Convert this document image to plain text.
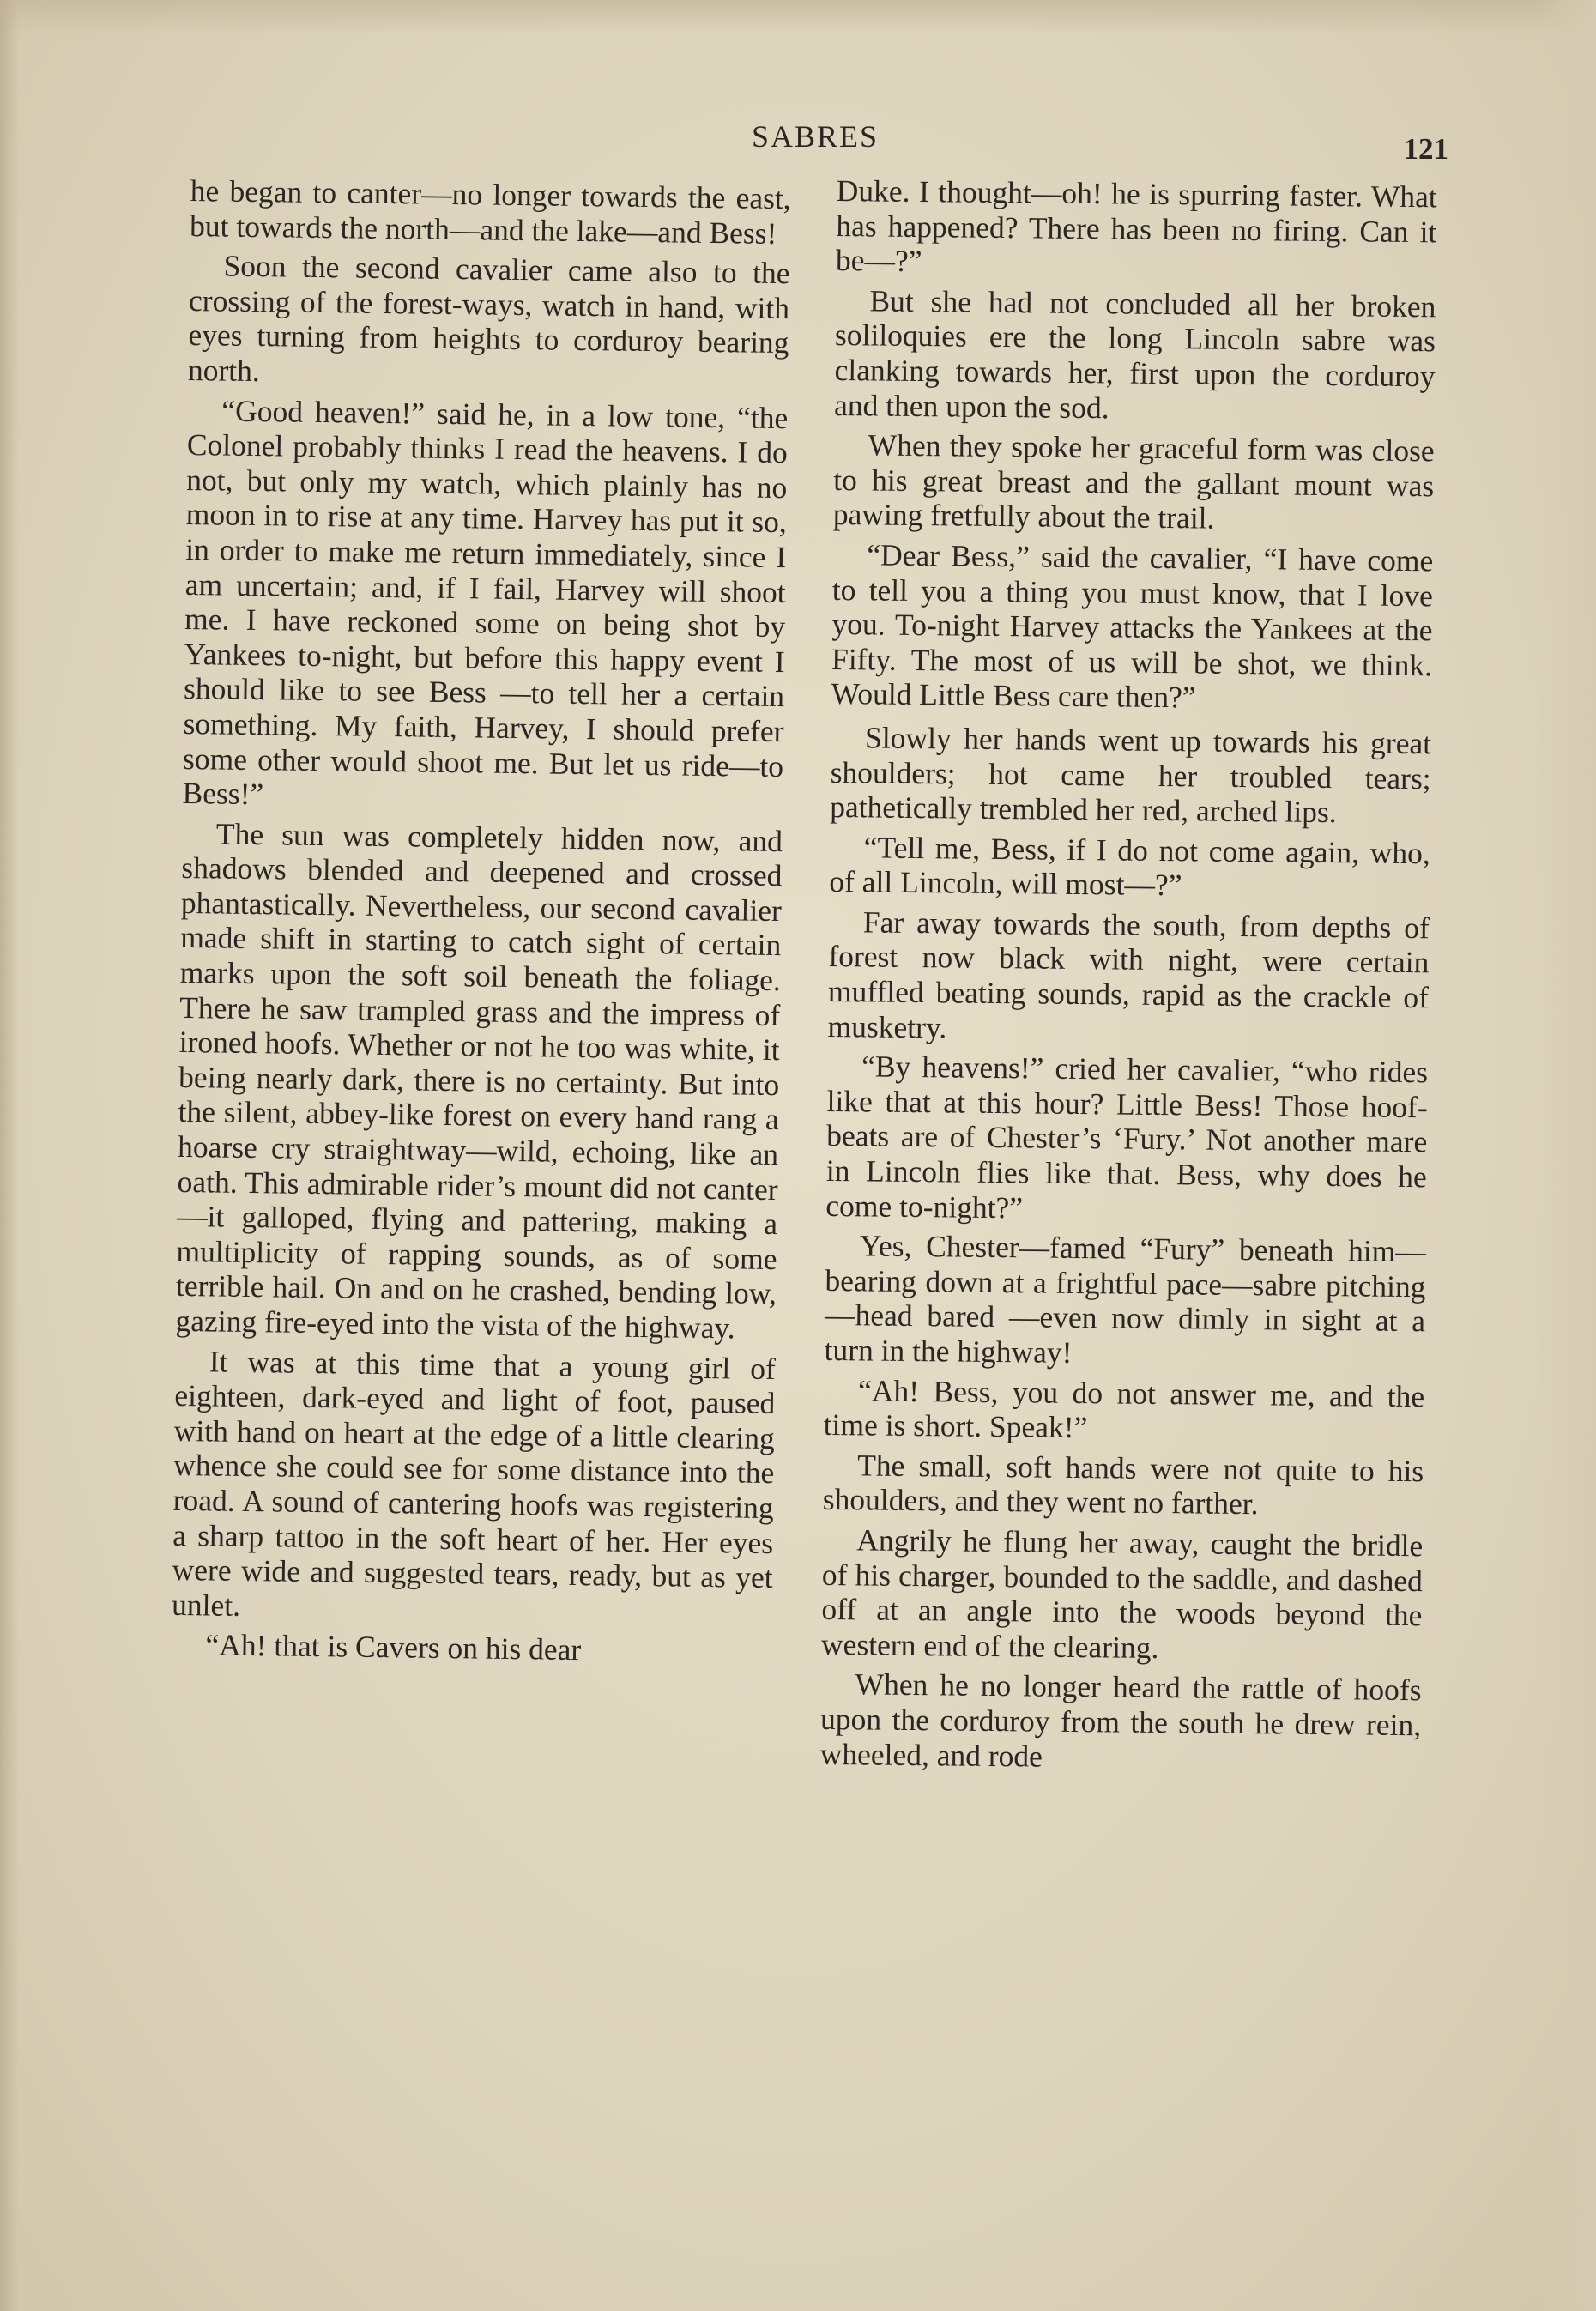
SABRES	121

he began to canter—no longer towards the east, but towards the north—and the lake—and Bess!

Soon the second cavalier came also to the crossing of the forest-ways, watch in hand, with eyes turning from heights to corduroy bearing north.

“Good heaven!” said he, in a low tone, “the Colonel probably thinks I read the heavens. I do not, but only my watch, which plainly has no moon in to rise at any time. Harvey has put it so, in order to make me return immediately, since I am uncertain; and, if I fail, Harvey will shoot me. I have reckoned some on being shot by Yankees to-night, but before this happy event I should like to see Bess —to tell her a certain something. My faith, Harvey, I should prefer some other would shoot me. But let us ride—to Bess!”

The sun was completely hidden now, and shadows blended and deepened and crossed phantastically. Nevertheless, our second cavalier made shift in starting to catch sight of certain marks upon the soft soil beneath the foliage. There he saw trampled grass and the impress of ironed hoofs. Whether or not he too was white, it being nearly dark, there is no certainty. But into the silent, abbey-like forest on every hand rang a hoarse cry straightway—wild, echoing, like an oath. This admirable rider’s mount did not canter—it galloped, flying and pattering, making a multiplicity of rapping sounds, as of some terrible hail. On and on he crashed, bending low, gazing fire-eyed into the vista of the highway.

It was at this time that a young girl of eighteen, dark-eyed and light of foot, paused with hand on heart at the edge of a little clearing whence she could see for some distance into the road. A sound of cantering hoofs was registering a sharp tattoo in the soft heart of her. Her eyes were wide and suggested tears, ready, but as yet unlet.

“Ah! that is Cavers on his dear

Duke. I thought—oh! he is spurring faster. What has happened? There has been no firing. Can it be—?”

But she had not concluded all her broken soliloquies ere the long Lincoln sabre was clanking towards her, first upon the corduroy and then upon the sod.

When they spoke her graceful form was close to his great breast and the gallant mount was pawing fretfully about the trail.

“Dear Bess,” said the cavalier, “I have come to tell you a thing you must know, that I love you. To-night Harvey attacks the Yankees at the Fifty. The most of us will be shot, we think. Would Little Bess care then?”

Slowly her hands went up towards his great shoulders; hot came her troubled tears; pathetically trembled her red, arched lips.

“Tell me, Bess, if I do not come again, who, of all Lincoln, will most—?”

Far away towards the south, from depths of forest now black with night, were certain muffled beating sounds, rapid as the crackle of musketry.

“By heavens!” cried her cavalier, “who rides like that at this hour? Little Bess! Those hoof-beats are of Chester’s ‘Fury.’ Not another mare in Lincoln flies like that. Bess, why does he come to-night?”

Yes, Chester—famed “Fury” beneath him—bearing down at a frightful pace—sabre pitching—head bared —even now dimly in sight at a turn in the highway!

“Ah! Bess, you do not answer me, and the time is short. Speak!”

The small, soft hands were not quite to his shoulders, and they went no farther.

Angrily he flung her away, caught the bridle of his charger, bounded to the saddle, and dashed off at an angle into the woods beyond the western end of the clearing.

When he no longer heard the rattle of hoofs upon the corduroy from the south he drew rein, wheeled, and rode
